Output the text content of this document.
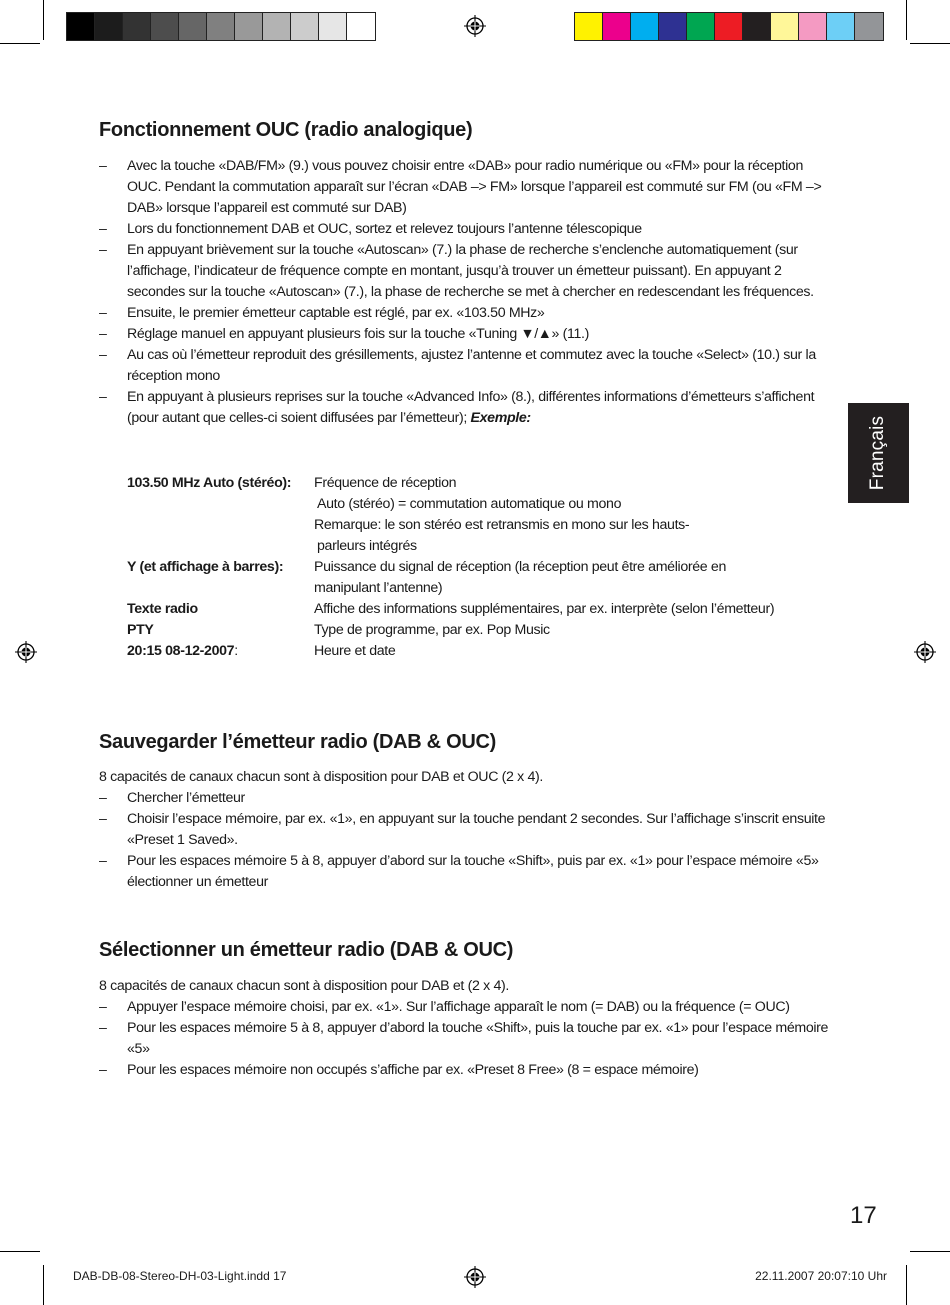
Fonctionnement OUC (radio analogique)
– Avec la touche «DAB/FM» (9.) vous pouvez choisir entre «DAB» pour radio numérique ou «FM» pour la réception OUC. Pendant la commutation apparaît sur l’écran «DAB –> FM» lorsque l’appareil est commuté sur FM (ou «FM –> DAB» lorsque l’appareil est commuté sur DAB)
– Lors du fonctionnement DAB et OUC, sortez et relevez toujours l’antenne télescopique
– En appuyant brièvement sur la touche «Autoscan» (7.) la phase de recherche s’enclenche automatiquement (sur l’affichage, l’indicateur de fréquence compte en montant, jusqu’à trouver un émetteur puissant). En appuyant 2 secondes sur la touche «Autoscan» (7.), la phase de recherche se met à chercher en redescendant les fréquences.
– Ensuite, le premier émetteur captable est réglé, par ex. «103.50 MHz»
– Réglage manuel en appuyant plusieurs fois sur la touche «Tuning ▼/▲» (11.)
– Au cas où l’émetteur reproduit des grésillements, ajustez l’antenne et commutez avec la touche «Select» (10.) sur la réception mono
– En appuyant à plusieurs reprises sur la touche «Advanced Info» (8.), différentes informations d’émetteurs s’affichent (pour autant que celles-ci soient diffusées par l’émetteur); Exemple:
103.50 MHz Auto (stéréo):	Fréquence de réception
Auto (stéréo) = commutation automatique ou mono
Remarque: le son stéréo est retransmis en mono sur les hauts-
parleurs intégrés

Y (et affichage à barres):	Puissance du signal de réception (la réception peut être améliorée en
manipulant l’antenne)

Texte radio	Affiche des informations supplémentaires, par ex. interprète (selon l’émetteur)

PTY	Type de programme, par ex. Pop Music

20:15 08-12-2007:	Heure et date
Sauvegarder l’émetteur radio (DAB & OUC)

8 capacités de canaux chacun sont à disposition pour DAB et OUC (2 x 4).

– Chercher l’émetteur
– Choisir l’espace mémoire, par ex. «1», en appuyant sur la touche pendant 2 secondes. Sur l’affichage s’inscrit ensuite «Preset 1 Saved».
– Pour les espaces mémoire 5 à 8, appuyer d’abord sur la touche «Shift», puis par ex. «1» pour l’espace mémoire «5» électionner un émetteur
Sélectionner un émetteur radio (DAB & OUC)

8 capacités de canaux chacun sont à disposition pour DAB et (2 x 4).

– Appuyer l’espace mémoire choisi, par ex. «1». Sur l’affichage apparaît le nom (= DAB) ou la fréquence (= OUC)
– Pour les espaces mémoire 5 à 8, appuyer d’abord la touche «Shift», puis la touche par ex. «1» pour l’espace mémoire «5»
– Pour les espaces mémoire non occupés s’affiche par ex. «Preset 8 Free» (8 = espace mémoire)
Français
17
DAB-DB-08-Stereo-DH-03-Light.indd 17	22.11.2007 20:07:10 Uhr
